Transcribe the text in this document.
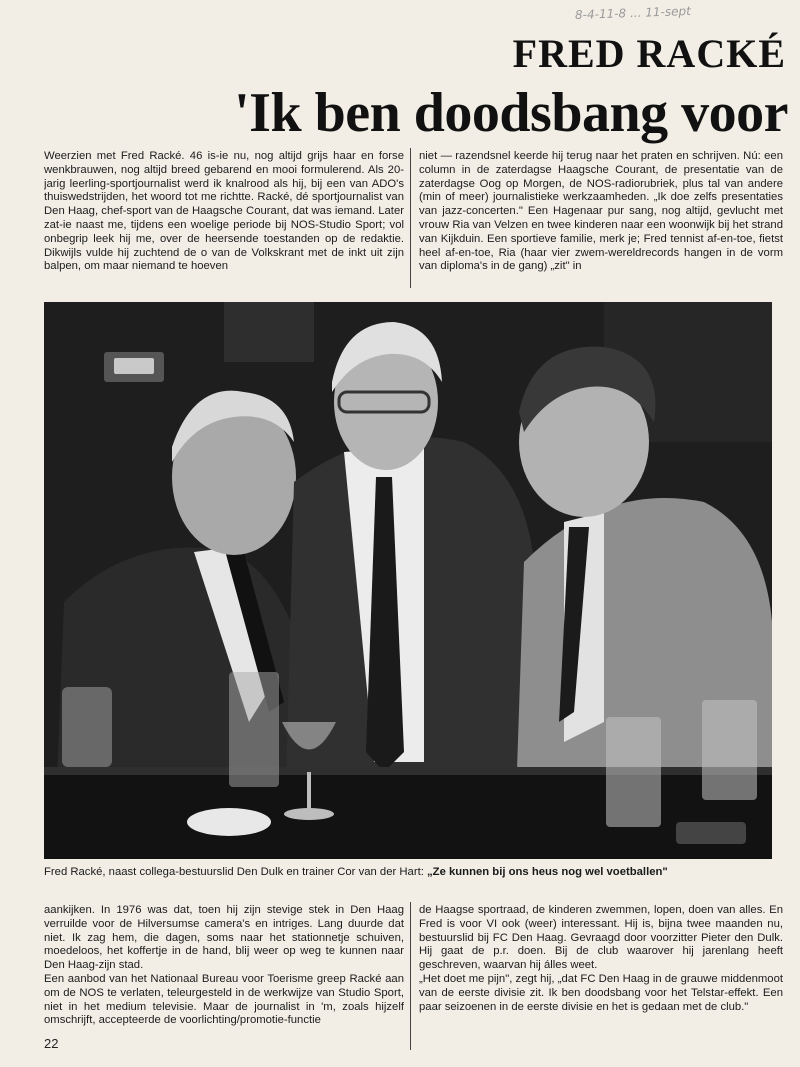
8-4-11-8 ... 11-sept
FRED RACKÉ
'Ik ben doodsbang voor

Weerzien met Fred Racké. 46 is-ie nu, nog altijd grijs haar en forse wenkbrauwen, nog altijd breed gebarend en mooi formulerend. Als 20-jarig leerling-sportjournalist werd ik knalrood als hij, bij een van ADO's thuiswedstrijden, het woord tot me richtte. Racké, dé sportjournalist van Den Haag, chef-sport van de Haagsche Courant, dat was iemand. Later zat-ie naast me, tijdens een woelige periode bij NOS-Studio Sport; vol onbegrip leek hij me, over de heersende toestanden op de redaktie. Dikwijls vulde hij zuchtend de o van de Volkskrant met de inkt uit zijn balpen, om maar niemand te hoeven

niet — razendsnel keerde hij terug naar het praten en schrijven. Nú: een column in de zaterdagse Haagsche Courant, de presentatie van de zaterdagse Oog op Morgen, de NOS-radiorubriek, plus tal van andere (min of meer) journalistieke werkzaamheden. „Ik doe zelfs presentaties van jazz-concerten." Een Hagenaar pur sang, nog altijd, gevlucht met vrouw Ria van Velzen en twee kinderen naar een woonwijk bij het strand van Kijkduin. Een sportieve familie, merk je; Fred tennist af-en-toe, fietst heel af-en-toe, Ria (haar vier zwem-wereldrecords hangen in de vorm van diploma's in de gang) „zit" in

Fred Racké, naast collega-bestuurslid Den Dulk en trainer Cor van der Hart: „Ze kunnen bij ons heus nog wel voetballen"

aankijken. In 1976 was dat, toen hij zijn stevige stek in Den Haag verruilde voor de Hilversumse camera's en intriges. Lang duurde dat niet. Ik zag hem, die dagen, soms naar het stationnetje schuiven, moedeloos, het koffertje in de hand, blij weer op weg te kunnen naar Den Haag-zijn stad.
Een aanbod van het Nationaal Bureau voor Toerisme greep Racké aan om de NOS te verlaten, teleurgesteld in de werkwijze van Studio Sport, niet in het medium televisie. Maar de journalist in 'm, zoals hijzelf omschrijft, accepteerde de voorlichting/promotie-functie

de Haagse sportraad, de kinderen zwemmen, lopen, doen van alles. En Fred is voor VI ook (weer) interessant. Hij is, bijna twee maanden nu, bestuurslid bij FC Den Haag. Gevraagd door voorzitter Pieter den Dulk. Hij gaat de p.r. doen. Bij de club waarover hij jarenlang heeft geschreven, waarvan hij álles weet.
„Het doet me pijn", zegt hij, „dat FC Den Haag in de grauwe middenmoot van de eerste divisie zit. Ik ben doodsbang voor het Telstar-effekt. Een paar seizoenen in de eerste divisie en het is gedaan met de club."

22
